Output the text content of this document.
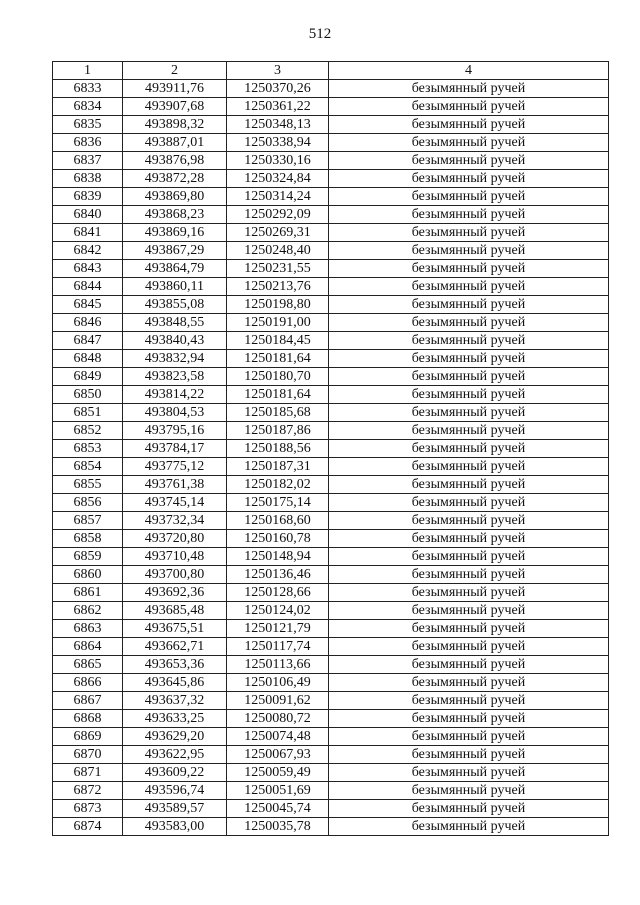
512
1	2	3	4
6833	493911,76	1250370,26	безымянный ручей
6834	493907,68	1250361,22	безымянный ручей
6835	493898,32	1250348,13	безымянный ручей
6836	493887,01	1250338,94	безымянный ручей
6837	493876,98	1250330,16	безымянный ручей
6838	493872,28	1250324,84	безымянный ручей
6839	493869,80	1250314,24	безымянный ручей
6840	493868,23	1250292,09	безымянный ручей
6841	493869,16	1250269,31	безымянный ручей
6842	493867,29	1250248,40	безымянный ручей
6843	493864,79	1250231,55	безымянный ручей
6844	493860,11	1250213,76	безымянный ручей
6845	493855,08	1250198,80	безымянный ручей
6846	493848,55	1250191,00	безымянный ручей
6847	493840,43	1250184,45	безымянный ручей
6848	493832,94	1250181,64	безымянный ручей
6849	493823,58	1250180,70	безымянный ручей
6850	493814,22	1250181,64	безымянный ручей
6851	493804,53	1250185,68	безымянный ручей
6852	493795,16	1250187,86	безымянный ручей
6853	493784,17	1250188,56	безымянный ручей
6854	493775,12	1250187,31	безымянный ручей
6855	493761,38	1250182,02	безымянный ручей
6856	493745,14	1250175,14	безымянный ручей
6857	493732,34	1250168,60	безымянный ручей
6858	493720,80	1250160,78	безымянный ручей
6859	493710,48	1250148,94	безымянный ручей
6860	493700,80	1250136,46	безымянный ручей
6861	493692,36	1250128,66	безымянный ручей
6862	493685,48	1250124,02	безымянный ручей
6863	493675,51	1250121,79	безымянный ручей
6864	493662,71	1250117,74	безымянный ручей
6865	493653,36	1250113,66	безымянный ручей
6866	493645,86	1250106,49	безымянный ручей
6867	493637,32	1250091,62	безымянный ручей
6868	493633,25	1250080,72	безымянный ручей
6869	493629,20	1250074,48	безымянный ручей
6870	493622,95	1250067,93	безымянный ручей
6871	493609,22	1250059,49	безымянный ручей
6872	493596,74	1250051,69	безымянный ручей
6873	493589,57	1250045,74	безымянный ручей
6874	493583,00	1250035,78	безымянный ручей
